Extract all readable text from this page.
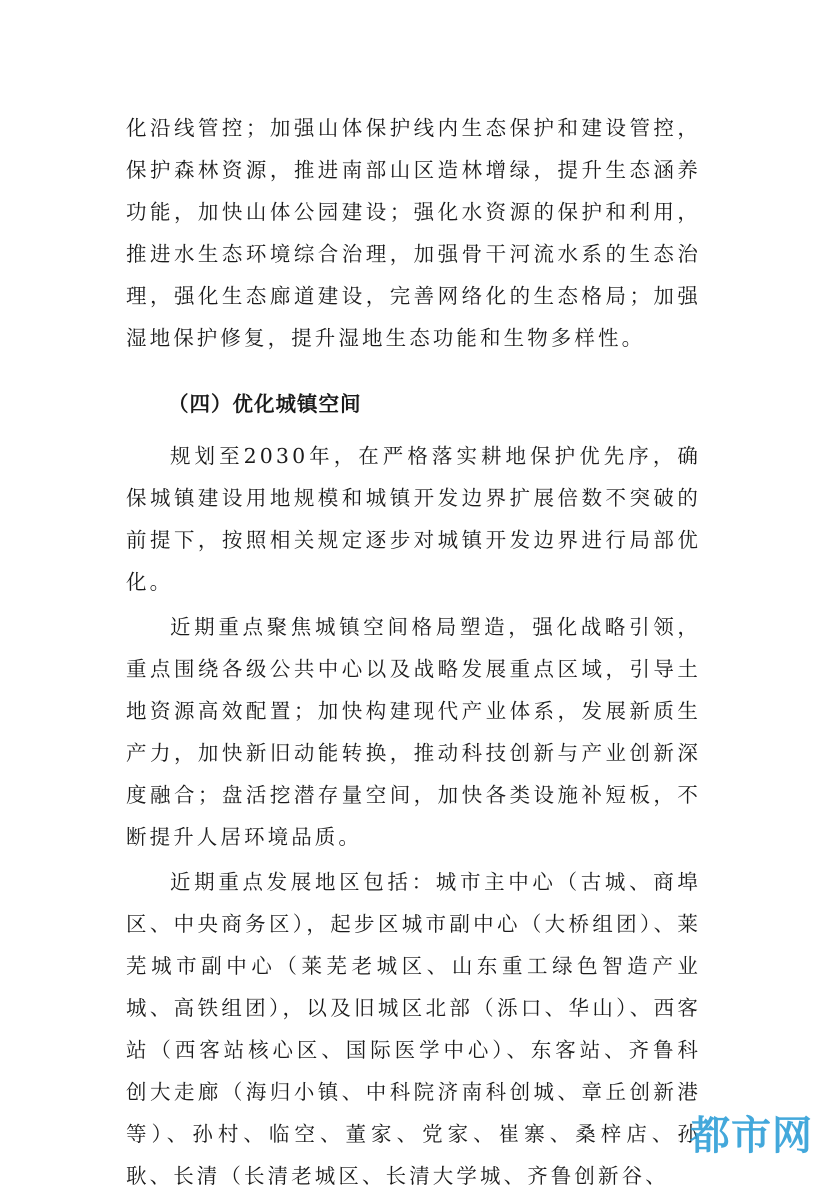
化沿线管控；加强山体保护线内生态保护和建设管控，保护森林资源，推进南部山区造林增绿，提升生态涵养功能，加快山体公园建设；强化水资源的保护和利用，推进水生态环境综合治理，加强骨干河流水系的生态治理，强化生态廊道建设，完善网络化的生态格局；加强湿地保护修复，提升湿地生态功能和生物多样性。

（四）优化城镇空间

规划至2030年，在严格落实耕地保护优先序，确保城镇建设用地规模和城镇开发边界扩展倍数不突破的前提下，按照相关规定逐步对城镇开发边界进行局部优化。

近期重点聚焦城镇空间格局塑造，强化战略引领，重点围绕各级公共中心以及战略发展重点区域，引导土地资源高效配置；加快构建现代产业体系，发展新质生产力，加快新旧动能转换，推动科技创新与产业创新深度融合；盘活挖潜存量空间，加快各类设施补短板，不断提升人居环境品质。

近期重点发展地区包括：城市主中心（古城、商埠区、中央商务区），起步区城市副中心（大桥组团）、莱芜城市副中心（莱芜老城区、山东重工绿色智造产业城、高铁组团），以及旧城区北部（泺口、华山）、西客站（西客站核心区、国际医学中心）、东客站、齐鲁科创大走廊（海归小镇、中科院济南科创城、章丘创新港等）、孙村、临空、董家、党家、崔寨、桑梓店、孙耿、长清（长清老城区、长清大学城、齐鲁创新谷、

都市网
